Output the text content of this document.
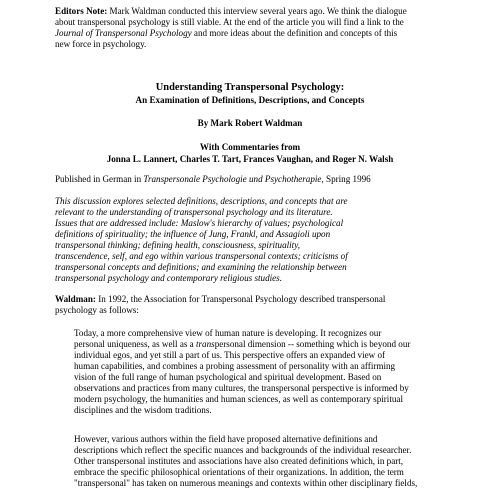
Editors Note: Mark Waldman conducted this interview several years ago. We think the dialogue
about transpersonal psychology is still viable. At the end of the article you will find a link to the
Journal of Transpersonal Psychology and more ideas about the definition and concepts of this
new force in psychology.
Understanding Transpersonal Psychology:
An Examination of Definitions, Descriptions, and Concepts
By Mark Robert Waldman
With Commentaries from
Jonna L. Lannert, Charles T. Tart, Frances Vaughan, and Roger N. Walsh
Published in German in Transpersonale Psychologie und Psychotherapie, Spring 1996
This discussion explores selected definitions, descriptions, and concepts that are
relevant to the understanding of transpersonal psychology and its literature.
Issues that are addressed include: Maslow's hierarchy of values; psychological
definitions of spirituality; the influence of Jung, Frankl, and Assagioli upon
transpersonal thinking; defining health, consciousness, spirituality,
transcendence, self, and ego within various transpersonal contexts; criticisms of
transpersonal concepts and definitions; and examining the relationship between
transpersonal psychology and contemporary religious studies.
Waldman: In 1992, the Association for Transpersonal Psychology described transpersonal
psychology as follows:
Today, a more comprehensive view of human nature is developing. It recognizes our
personal uniqueness, as well as a transpersonal dimension -- something which is beyond our
individual egos, and yet still a part of us. This perspective offers an expanded view of
human capabilities, and combines a probing assessment of personality with an affirming
vision of the full range of human psychological and spiritual development. Based on
observations and practices from many cultures, the transpersonal perspective is informed by
modern psychology, the humanities and human sciences, as well as contemporary spiritual
disciplines and the wisdom traditions.
However, various authors within the field have proposed alternative definitions and
descriptions which reflect the specific nuances and backgrounds of the individual researcher.
Other transpersonal institutes and associations have also created definitions which, in part,
embrace the specific philosophical orientations of their organizations. In addition, the term
"transpersonal" has taken on numerous meanings and contexts within other disciplinary fields,
